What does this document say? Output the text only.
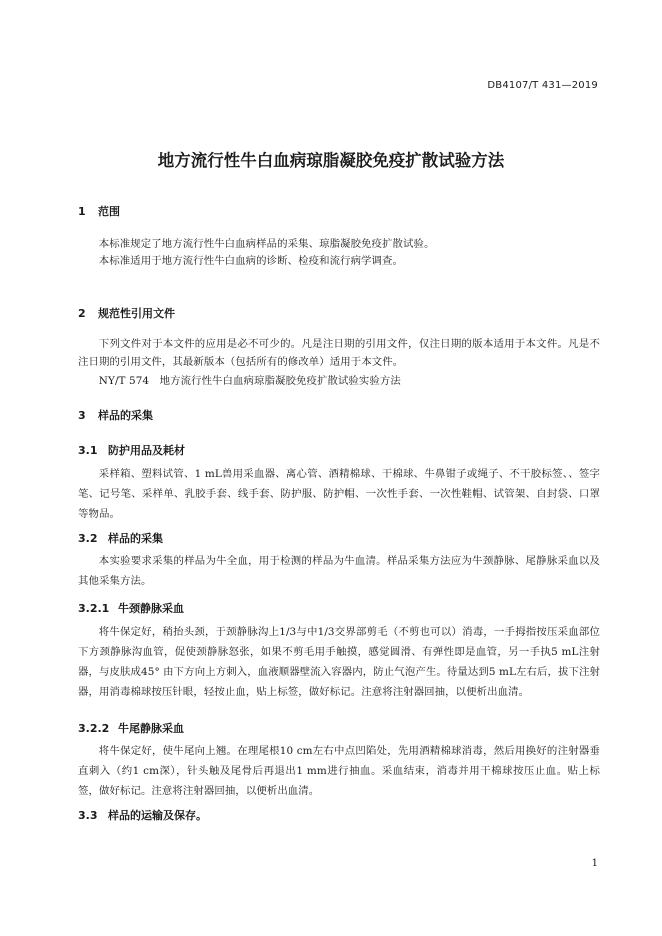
DB4107/T 431—2019
地方流行性牛白血病琼脂凝胶免疫扩散试验方法
1 范围
本标准规定了地方流行性牛白血病样品的采集、琼脂凝胶免疫扩散试验。
本标准适用于地方流行性牛白血病的诊断、检疫和流行病学调查。
2 规范性引用文件
下列文件对于本文件的应用是必不可少的。凡是注日期的引用文件，仅注日期的版本适用于本文件。凡是不注日期的引用文件，其最新版本（包括所有的修改单）适用于本文件。
NY/T 574　地方流行性牛白血病琼脂凝胶免疫扩散试验实验方法
3 样品的采集
3.1 防护用品及耗材
采样箱、塑料试管、1 mL兽用采血器、离心管、酒精棉球、干棉球、牛鼻钳子或绳子、不干胶标签、、签字笔、记号笔、采样单、乳胶手套、线手套、防护服、防护帽、一次性手套、一次性鞋帽、试管架、自封袋、口罩等物品。
3.2 样品的采集
本实验要求采集的样品为牛全血，用于检测的样品为牛血清。样品采集方法应为牛颈静脉、尾静脉采血以及其他采集方法。
3.2.1 牛颈静脉采血
将牛保定好，稍抬头颈，于颈静脉沟上1/3与中1/3交界部剪毛（不剪也可以）消毒，一手拇指按压采血部位下方颈静脉沟血管，促使颈静脉怒张，如果不剪毛用手触摸，感觉圆滑、有弹性即是血管，另一手执5 mL注射器，与皮肤成45° 由下方向上方刺入，血液顺器壁流入容器内，防止气泡产生。待量达到5 mL左右后，拔下注射器，用消毒棉球按压针眼，轻按止血，贴上标签，做好标记。注意将注射器回抽，以便析出血清。
3.2.2 牛尾静脉采血
将牛保定好，使牛尾向上翘。在理尾根10 cm左右中点凹陷处，先用酒精棉球消毒，然后用换好的注射器垂直刺入（约1 cm深），针头触及尾骨后再退出1 mm进行抽血。采血结束，消毒并用干棉球按压止血。贴上标签，做好标记。注意将注射器回抽，以便析出血清。
3.3 样品的运输及保存。
1
